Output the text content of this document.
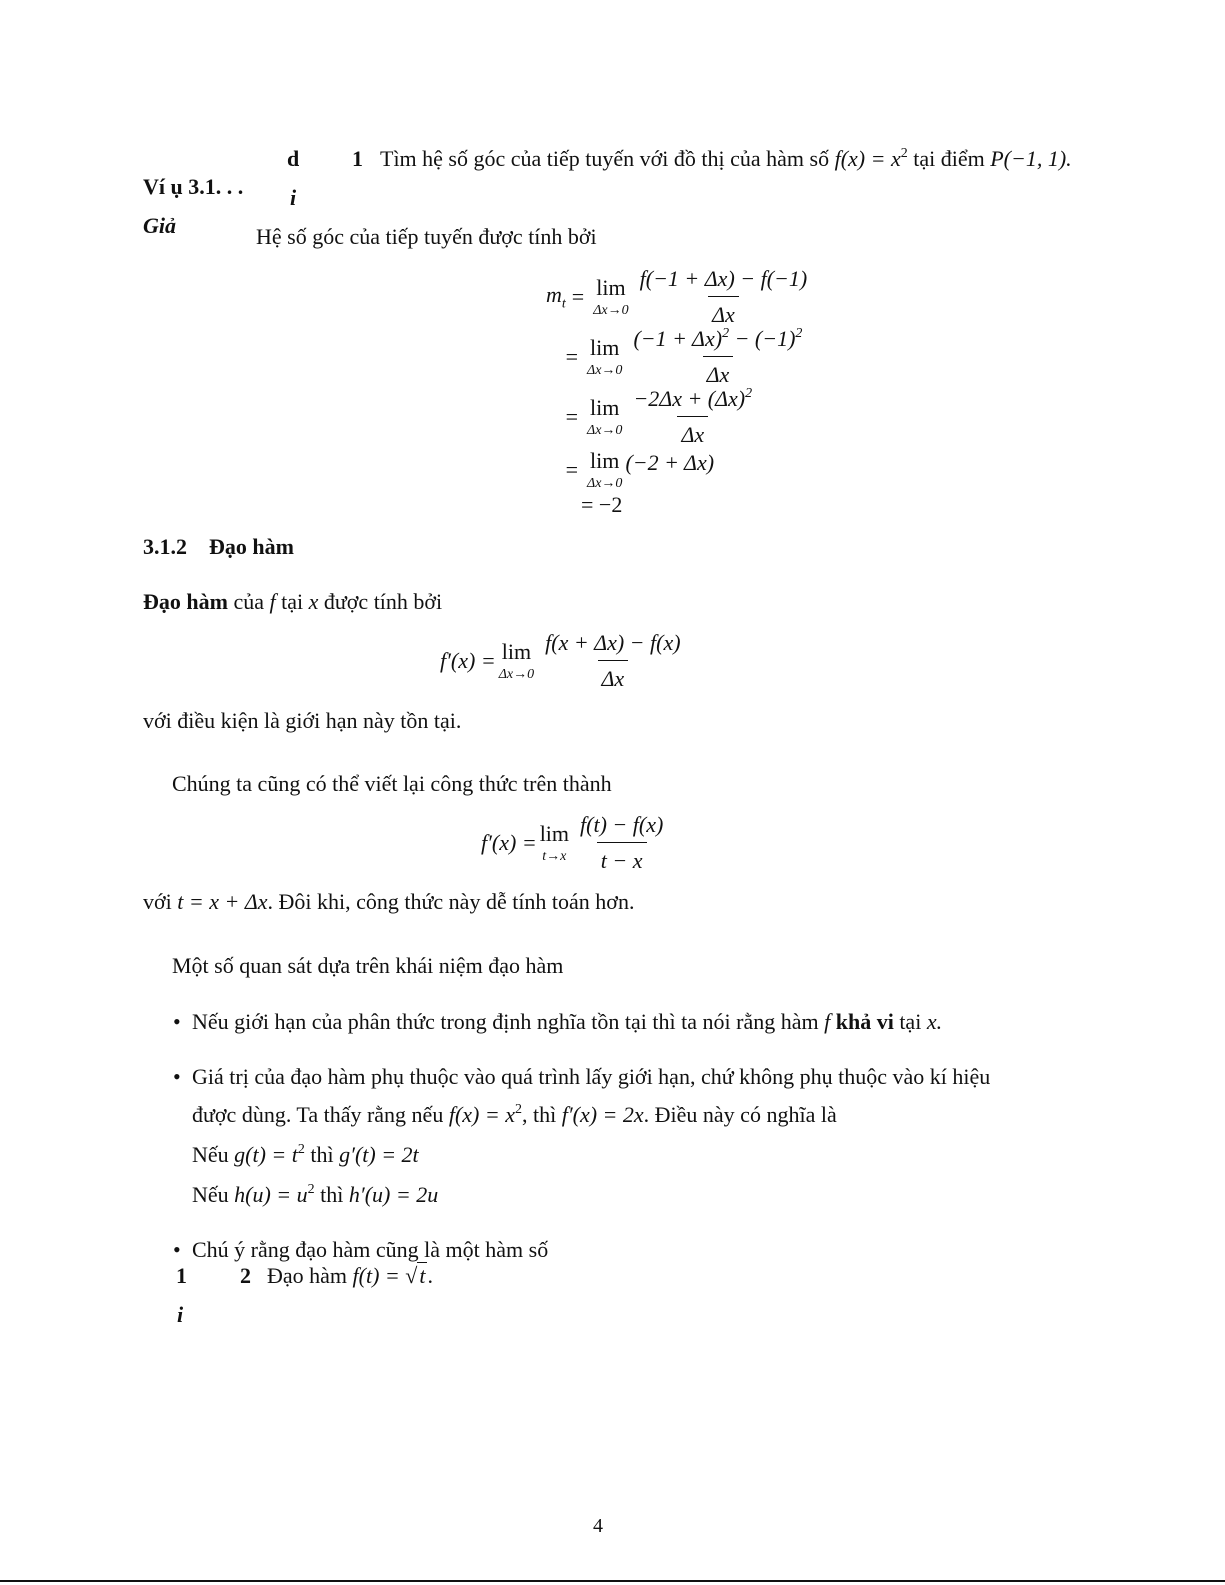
d 1 Tìm hệ số góc của tiếp tuyến với đồ thị của hàm số $f(x) = x^2$ tại điểm P(−1, 1).
Ví ụ 3.1. . . i
Giả	Hệ số góc của tiếp tuyến được tính bởi
$m_t = \lim$
$\Delta x\to 0 \frac{f(-1 + \Delta x) - f(-1)}{\Delta x}$
= lim
$\Delta x\to 0 \frac{(-1 + \Delta x)^2 - (-1)^2}{\Delta x}$
= lim
$\Delta x\to 0 \frac{-2\Delta x + (\Delta x)^2}{\Delta x}$
= lim
Δx→0
(−2 + Δx)
= −2
3.1.2 Đạo hàm
Đạo hàm của f tại x được tính bởi
f′(x) = lim
$\Delta x\to 0 \frac{f(x + \Delta x) - f(x)}{\Delta x}$
với điều kiện là giới hạn này tồn tại.
Chúng ta cũng có thể viết lại công thức trên thành
f′(x) = lim
$t\to x \frac{f(t) - f(x)}{t - x}$
với t = x + Δx. Đôi khi, công thức này dễ tính toán hơn.
Một số quan sát dựa trên khái niệm đạo hàm
• Nếu giới hạn của phân thức trong định nghĩa tồn tại thì ta nói rằng hàm f khả vi tại x.
• Giá trị của đạo hàm phụ thuộc vào quá trình lấy giới hạn, chứ không phụ thuộc vào kí hiệu
được dùng. Ta thấy rằng nếu $f(x) = x^2$, thì f′(x) = 2x. Điều này có nghĩa là
Nếu $g(t) = t^2$ thì g′(t) = 2t
Nếu $h(u) = u^2$ thì h′(u) = 2u
• Chú ý rằng đạo hàm cũng là một hàm số
1 2 Đạo hàm f(t) = √t.
i
4
